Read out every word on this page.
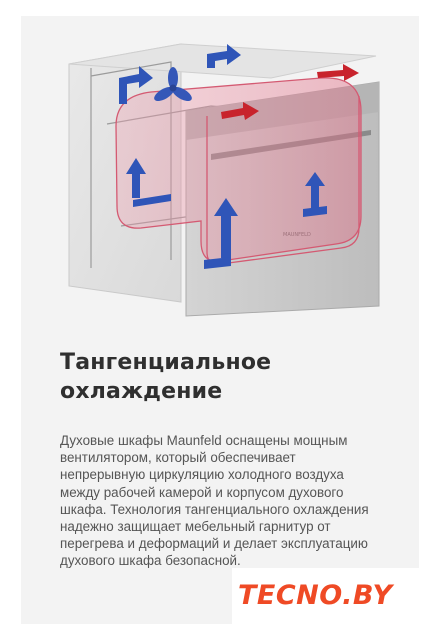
Тангенциальное
охлаждение

Духовые шкафы Maunfeld оснащены мощным вентилятором, который обеспечивает непрерывную циркуляцию холодного воздуха между рабочей камерой и корпусом духового шкафа. Технология тангенциального охлаждения надежно защищает мебельный гарнитур от перегрева и деформаций и делает эксплуатацию духового шкафа безопасной.

TECNO.BY
